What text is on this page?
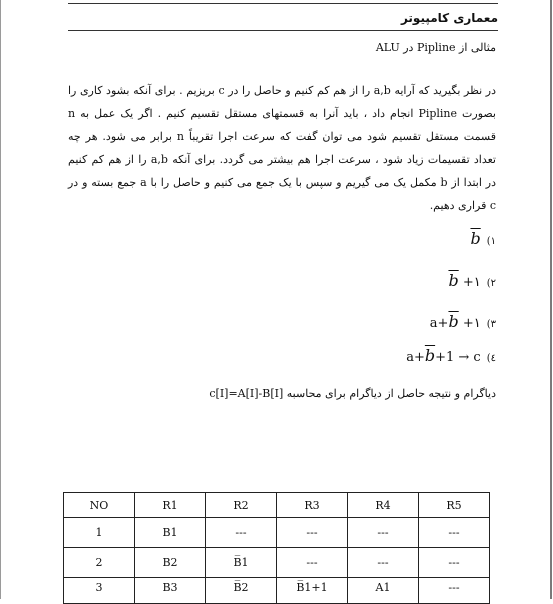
معماری کامپیوتر
مثالی از Pipline در ALU
در نظر بگیرید که آرایه a,b را از هم کم کنیم و حاصل را در c بریزیم . برای آنکه بشود کاری را بصورت Pipline انجام داد ، باید آنرا به قسمتهای مستقل تقسیم کنیم . اگر یک عمل به n قسمت مستقل تقسیم شود می توان گفت که سرعت اجرا تقریباً n برابر می شود. هر چه تعداد تقسیمات زیاد شود ، سرعت اجرا هم بیشتر می گردد. برای آنکه a,b را از هم کم کنیم در ابتدا از b مکمل یک می گیریم و سپس با یک جمع می کنیم و حاصل را با a جمع بسته و در c قراری دهیم.
$\overline{b}$ (۱
$\overline{b}$ +۱ (۲
$a+\overline{b}$ +۱ (۳
$a+\overline{b}+1 \to c$ (٤
دیاگرام و نتیجه حاصل از دیاگرام برای محاسبه c[I]=A[I]-B[I]
NO	R1	R2	R3	R4	R5
1	B1	---	---	---	---
2	B2	B̅1	---	---	---
3	B3	B̅2	B̅1+1	A1	---
